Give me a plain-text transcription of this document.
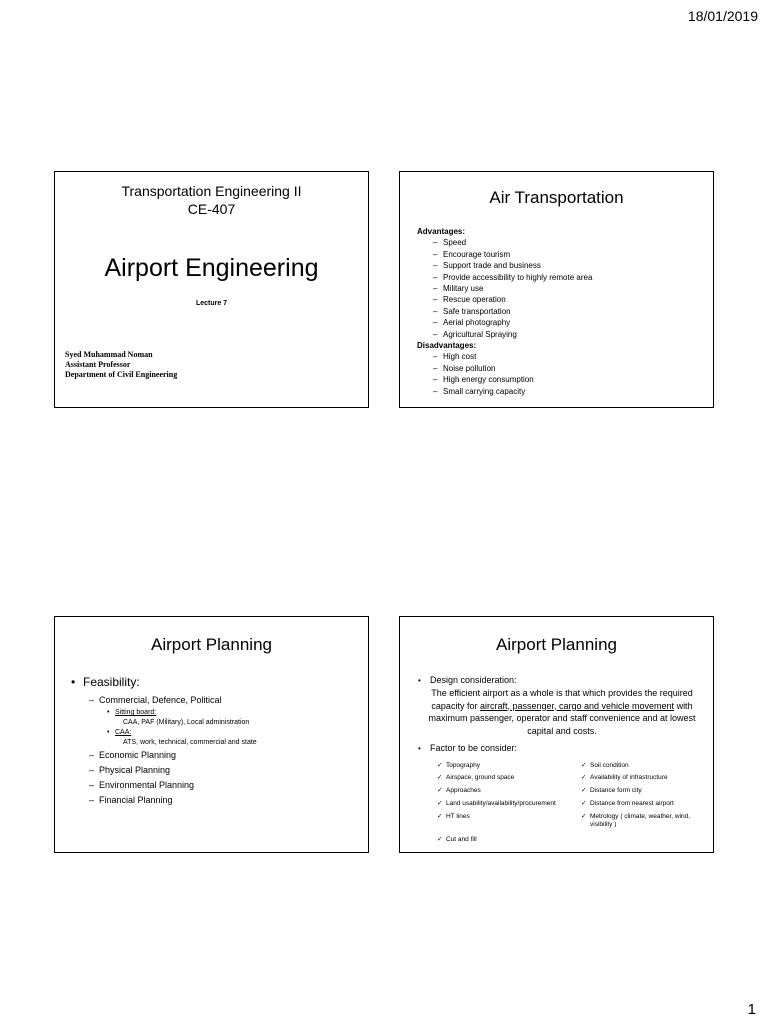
18/01/2019
Transportation Engineering II
CE-407
Airport Engineering
Lecture 7
Syed Muhammad Noman
Assistant Professor
Department of Civil Engineering
Air Transportation
Advantages:
– Speed
– Encourage tourism
– Support trade and business
– Provide accessibility to highly remote area
– Military use
– Rescue operation
– Safe transportation
– Aerial photography
– Agricultural Spraying
Disadvantages:
– High cost
– Noise pollution
– High energy consumption
– Small carrying capacity
Airport Planning
• Feasibility:
– Commercial, Defence, Political
• Sitting board:
CAA, PAF (Military), Local administration
• CAA:
ATS, work, technical, commercial and state
– Economic Planning
– Physical Planning
– Environmental Planning
– Financial Planning
Airport Planning
• Design consideration:
The efficient airport as a whole is that which provides the required capacity for aircraft, passenger, cargo and vehicle movement with maximum passenger, operator and staff convenience and at lowest capital and costs.
• Factor to be consider:
✓ Topography
✓ Airspace, ground space
✓ Approaches
✓ Land usability/availability/procurement
✓ HT lines
✓ Cut and fill
✓ Soil condition
✓ Availability of infrastructure
✓ Distance form city
✓ Distance from nearest airport
✓ Metrology ( climate, weather, wind, visibility )
1
